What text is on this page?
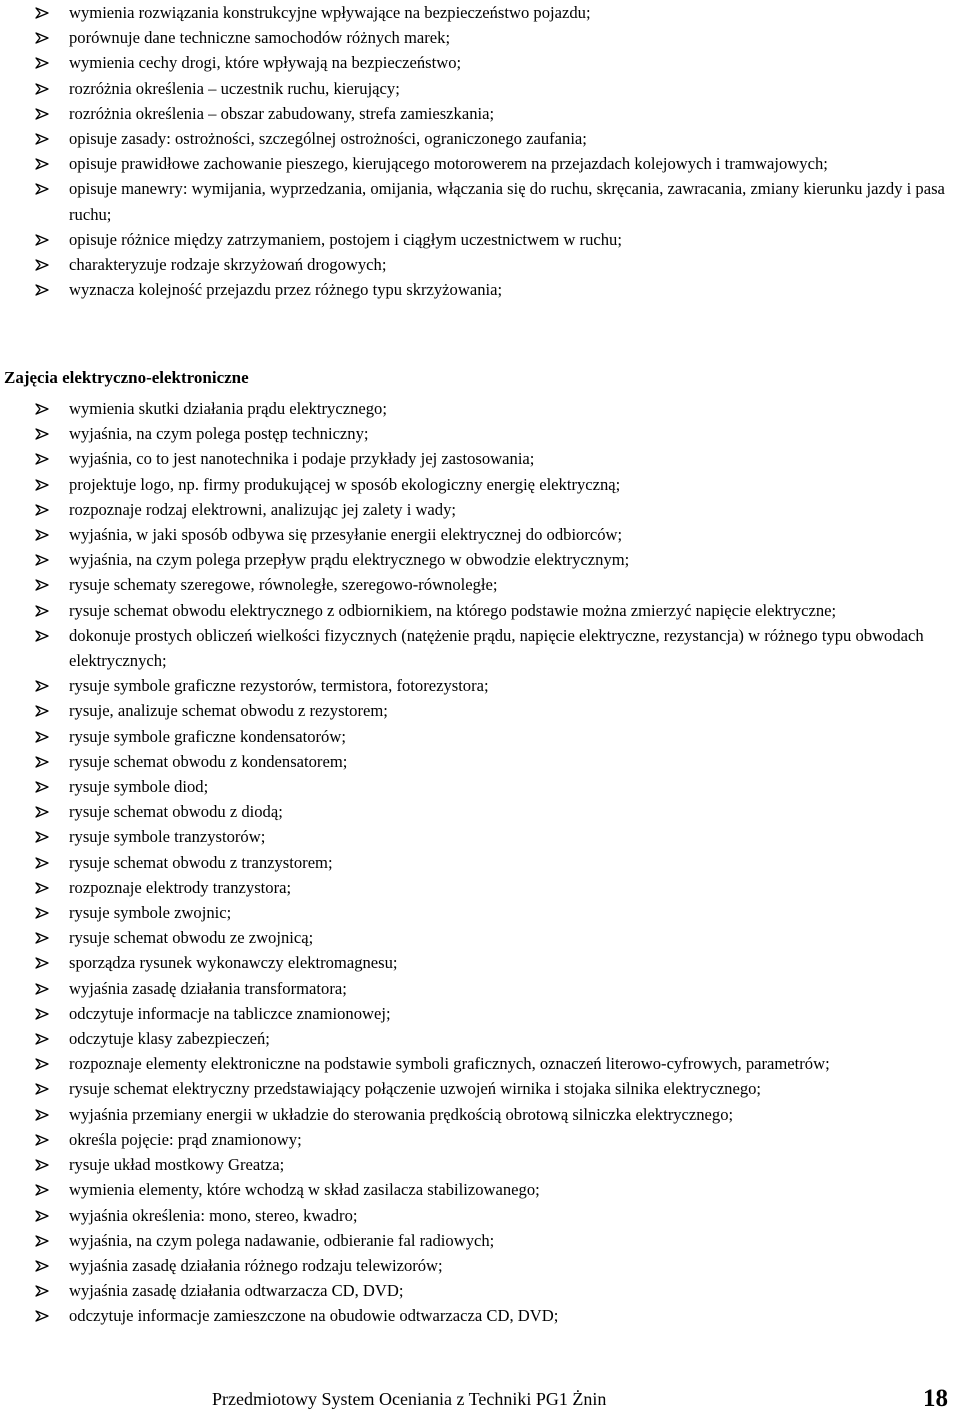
wymienia rozwiązania konstrukcyjne wpływające na bezpieczeństwo pojazdu;
porównuje dane techniczne samochodów różnych marek;
wymienia cechy drogi, które wpływają na bezpieczeństwo;
rozróżnia określenia – uczestnik ruchu, kierujący;
rozróżnia określenia – obszar zabudowany, strefa zamieszkania;
opisuje zasady: ostrożności, szczególnej ostrożności, ograniczonego zaufania;
opisuje prawidłowe zachowanie pieszego, kierującego motorowerem na przejazdach kolejowych i tramwajowych;
opisuje manewry: wymijania, wyprzedzania, omijania, włączania się do ruchu, skręcania, zawracania, zmiany kierunku jazdy i pasa ruchu;
opisuje różnice między zatrzymaniem, postojem i ciągłym uczestnictwem w ruchu;
charakteryzuje rodzaje skrzyżowań drogowych;
wyznacza kolejność przejazdu przez różnego typu skrzyżowania;
Zajęcia elektryczno-elektroniczne
wymienia skutki działania prądu elektrycznego;
wyjaśnia, na czym polega postęp techniczny;
wyjaśnia, co to jest nanotechnika i podaje przykłady jej zastosowania;
projektuje logo, np. firmy produkującej w sposób ekologiczny energię elektryczną;
rozpoznaje rodzaj elektrowni, analizując jej zalety i wady;
wyjaśnia, w jaki sposób odbywa się przesyłanie energii elektrycznej do odbiorców;
wyjaśnia, na czym polega przepływ prądu elektrycznego w obwodzie elektrycznym;
rysuje schematy szeregowe, równoległe, szeregowo-równoległe;
rysuje schemat obwodu elektrycznego z odbiornikiem, na którego podstawie można zmierzyć napięcie elektryczne;
dokonuje prostych obliczeń wielkości fizycznych (natężenie prądu, napięcie elektryczne, rezystancja) w różnego typu obwodach elektrycznych;
rysuje symbole graficzne rezystorów, termistora, fotorezystora;
rysuje, analizuje schemat obwodu z rezystorem;
rysuje symbole graficzne kondensatorów;
rysuje schemat obwodu z kondensatorem;
rysuje symbole diod;
rysuje schemat obwodu z diodą;
rysuje symbole tranzystorów;
rysuje schemat obwodu z tranzystorem;
rozpoznaje elektrody tranzystora;
rysuje symbole zwojnic;
rysuje schemat obwodu ze zwojnicą;
sporządza rysunek wykonawczy elektromagnesu;
wyjaśnia zasadę działania transformatora;
odczytuje informacje na tabliczce znamionowej;
odczytuje klasy zabezpieczeń;
rozpoznaje elementy elektroniczne na podstawie symboli graficznych, oznaczeń literowo-cyfrowych, parametrów;
rysuje schemat elektryczny przedstawiający połączenie uzwojeń wirnika i stojaka silnika elektrycznego;
wyjaśnia przemiany energii w układzie do sterowania prędkością obrotową silniczka elektrycznego;
określa pojęcie: prąd znamionowy;
rysuje układ mostkowy Greatza;
wymienia elementy, które wchodzą w skład zasilacza stabilizowanego;
wyjaśnia określenia: mono, stereo, kwadro;
wyjaśnia, na czym polega nadawanie, odbieranie fal radiowych;
wyjaśnia zasadę działania różnego rodzaju telewizorów;
wyjaśnia zasadę działania odtwarzacza CD, DVD;
odczytuje informacje zamieszczone na obudowie odtwarzacza CD, DVD;
Przedmiotowy System Oceniania z Techniki PG1 Żnin	18
